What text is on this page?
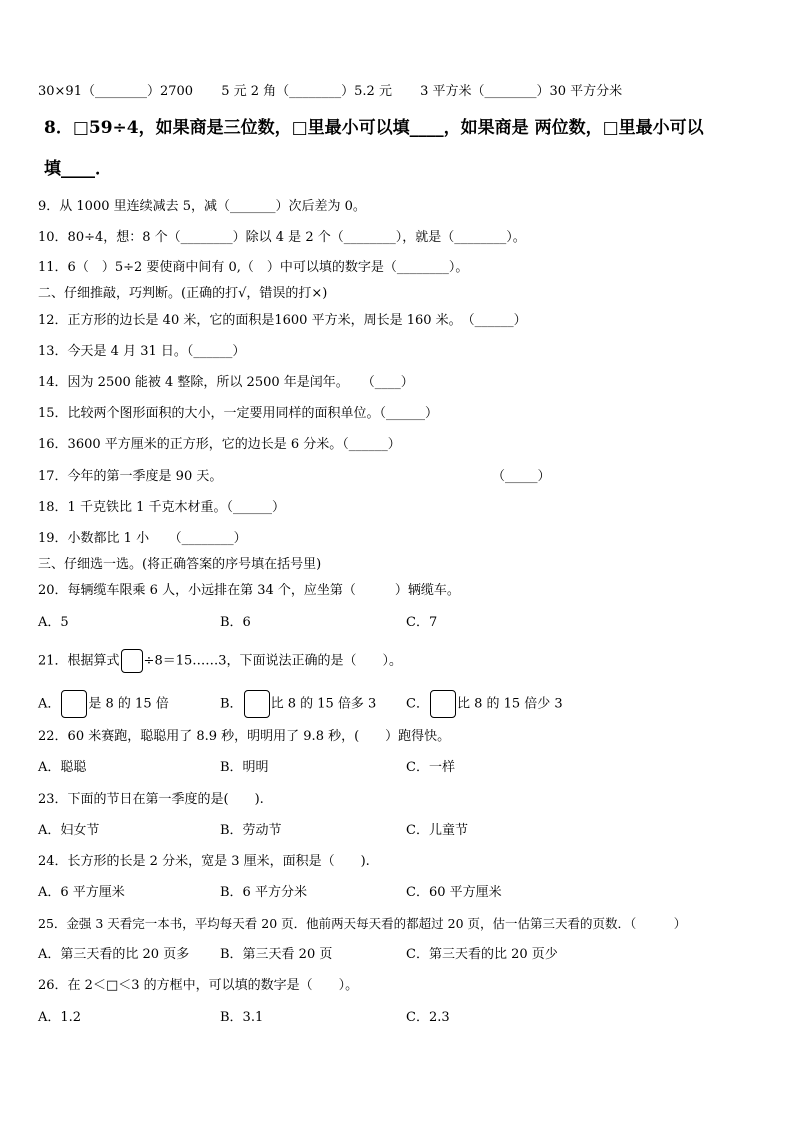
30×91（________）2700 5 元 2 角（________）5.2 元 3 平方米（________）30 平方分米
8．□59÷4，如果商是三位数，□里最小可以填____，如果商是 两位数，□里最小可以
填____．
9．从 1000 里连续减去 5，减（_______）次后差为 0。
10．80÷4，想：8 个（________）除以 4 是 2 个（________），就是（________）。
11．6（　）5÷2 要使商中间有 0,（　）中可以填的数字是（________）。
二、仔细推敲，巧判断。(正确的打√，错误的打×)
12．正方形的边长是 40 米，它的面积是1600 平方米，周长是 160 米。　（______）
13．今天是 4 月 31 日。（______）
14．因为 2500 能被 4 整除，所以 2500 年是闰年。　　（____）
15．比较两个图形面积的大小，一定要用同样的面积单位。（______）
16．3600 平方厘米的正方形，它的边长是 6 分米。（______）
17．今年的第一季度是 90 天。	（_____）
18．1 千克铁比 1 千克木材重。（______）
19．小数都比 1 小　　（________）
三、仔细选一选。(将正确答案的序号填在括号里)
20．每辆缆车限乘 6 人，小远排在第 34 个，应坐第（　　　）辆缆车。
A．5	B．6	C．7
21．根据算式 ÷8＝15……3，下面说法正确的是（　　）。
A． 是 8 的 15 倍	B． 比 8 的 15 倍多 3 C． 比 8 的 15 倍少 3
22．60 米赛跑，聪聪用了 8.9 秒，明明用了 9.8 秒，(　　）跑得快。
A．聪聪	B．明明	C．一样
23．下面的节日在第一季度的是(　　).
A．妇女节	B．劳动节	C．儿童节
24．长方形的长是 2 分米，宽是 3 厘米，面积是（　　).
A．6 平方厘米	B．6 平方分米	C．60 平方厘米
25．金强 3 天看完一本书，平均每天看 20 页．他前两天每天看的都超过 20 页，估一估第三天看的页数．（　　　）
A．第三天看的比 20 页多 B．第三天看 20 页	C．第三天看的比 20 页少
26．在 2＜□＜3 的方框中，可以填的数字是（　　）。
A．1.2	B．3.1	C．2.3
